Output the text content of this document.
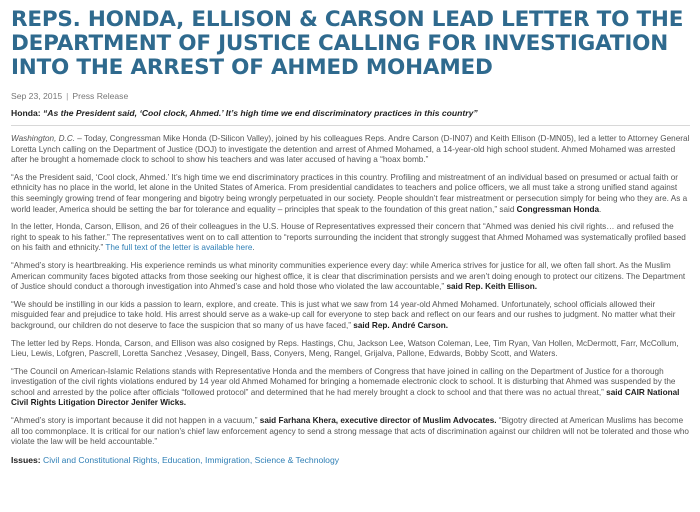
REPS. HONDA, ELLISON & CARSON LEAD LETTER TO THE DEPARTMENT OF JUSTICE CALLING FOR INVESTIGATION INTO THE ARREST OF AHMED MOHAMED
Sep 23, 2015 | Press Release
Honda: “As the President said, ‘Cool clock, Ahmed.’ It’s high time we end discriminatory practices in this country”

Washington, D.C. – Today, Congressman Mike Honda (D-Silicon Valley), joined by his colleagues Reps. Andre Carson (D-IN07) and Keith Ellison (D-MN05), led a letter to Attorney General Loretta Lynch calling on the Department of Justice (DOJ) to investigate the detention and arrest of Ahmed Mohamed, a 14-year-old high school student. Ahmed Mohamed was arrested after he brought a homemade clock to school to show his teachers and was later accused of having a “hoax bomb.”

“As the President said, ‘Cool clock, Ahmed.’ It’s high time we end discriminatory practices in this country. Profiling and mistreatment of an individual based on presumed or actual faith or ethnicity has no place in the world, let alone in the United States of America. From presidential candidates to teachers and police officers, we all must take a strong unified stand against this seemingly growing trend of fear mongering and bigotry being wrongly perpetuated in our society. People shouldn’t fear mistreatment or persecution simply for being who they are. As a world leader, America should be setting the bar for tolerance and equality – principles that speak to the foundation of this great nation,” said Congressman Honda.

In the letter, Honda, Carson, Ellison, and 26 of their colleagues in the U.S. House of Representatives expressed their concern that “Ahmed was denied his civil rights… and refused the right to speak to his father.” The representatives went on to call attention to “reports surrounding the incident that strongly suggest that Ahmed Mohamed was systematically profiled based on his faith and ethnicity.” The full text of the letter is available here.

“Ahmed’s story is heartbreaking. His experience reminds us what minority communities experience every day: while America strives for justice for all, we often fall short. As the Muslim American community faces bigoted attacks from those seeking our highest office, it is clear that discrimination persists and we aren’t doing enough to protect our citizens. The Department of Justice should conduct a thorough investigation into Ahmed’s case and hold those who violated the law accountable,” said Rep. Keith Ellison.

“We should be instilling in our kids a passion to learn, explore, and create. This is just what we saw from 14 year-old Ahmed Mohamed. Unfortunately, school officials allowed their misguided fear and prejudice to take hold. His arrest should serve as a wake-up call for everyone to step back and reflect on our fears and our rushes to judgment. No matter what their background, our children do not deserve to face the suspicion that so many of us have faced,” said Rep. André Carson.

The letter led by Reps. Honda, Carson, and Ellison was also cosigned by Reps. Hastings, Chu, Jackson Lee, Watson Coleman, Lee, Tim Ryan, Van Hollen, McDermott, Farr, McCollum, Lieu, Lewis, Lofgren, Pascrell, Loretta Sanchez ,Vesasey, Dingell, Bass, Conyers, Meng, Rangel, Grijalva, Pallone, Edwards, Bobby Scott, and Waters.

“The Council on American-Islamic Relations stands with Representative Honda and the members of Congress that have joined in calling on the Department of Justice for a thorough investigation of the civil rights violations endured by 14 year old Ahmed Mohamed for bringing a homemade electronic clock to school. It is disturbing that Ahmed was suspended by the school and arrested by the police after officials “followed protocol” and determined that he had merely brought a clock to school and that there was no actual threat,” said CAIR National Civil Rights Litigation Director Jenifer Wicks.

“Ahmed’s story is important because it did not happen in a vacuum,” said Farhana Khera, executive director of Muslim Advocates. “Bigotry directed at American Muslims has become all too commonplace. It is critical for our nation’s chief law enforcement agency to send a strong message that acts of discrimination against our children will not be tolerated and those who violate the law will be held accountable.”

Issues: Civil and Constitutional Rights, Education, Immigration, Science & Technology
